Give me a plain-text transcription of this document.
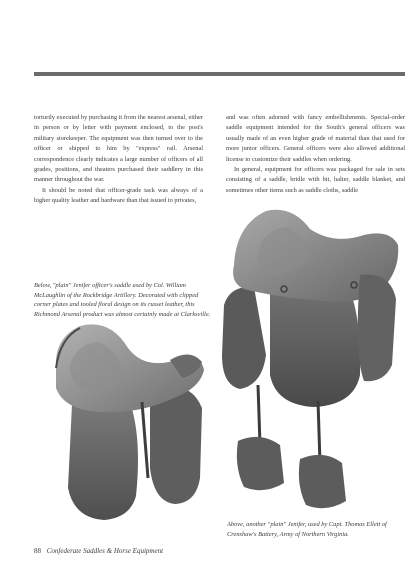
torturily executed by purchasing it from the nearest arsenal, either in person or by letter with payment enclosed, to the post's military storekeeper. The equipment was then turned over to the officer or shipped to him by "express" rail. Arsenal correspondence clearly indicates a large number of officers of all grades, positions, and theaters purchased their saddlery in this manner throughout the war.

It should be noted that officer-grade tack was always of a higher quality leather and hardware than that issued to privates,

and was often adorned with fancy embellishments. Special-order saddle equipment intended for the South's general officers was usually made of an even higher grade of material than that used for more junior officers. General officers were also allowed additional license to customize their saddles when ordering.

In general, equipment for officers was packaged for sale in sets consisting of a saddle, bridle with bit, halter, saddle blanket, and sometimes other items such as saddle cloths, saddle

Below, "plain" Jenifer officer's saddle used by Col. William McLaughlin of the Rockbridge Artillery. Decorated with clipped corner plates and tooled floral design on its russet leather, this Richmond Arsenal product was almost certainly made at Clarksville.
Above, another "plain" Jenifer, used by Capt. Thomas Ellett of Crenshaw's Battery, Army of Northern Virginia.
88 Confederate Saddles & Horse Equipment
